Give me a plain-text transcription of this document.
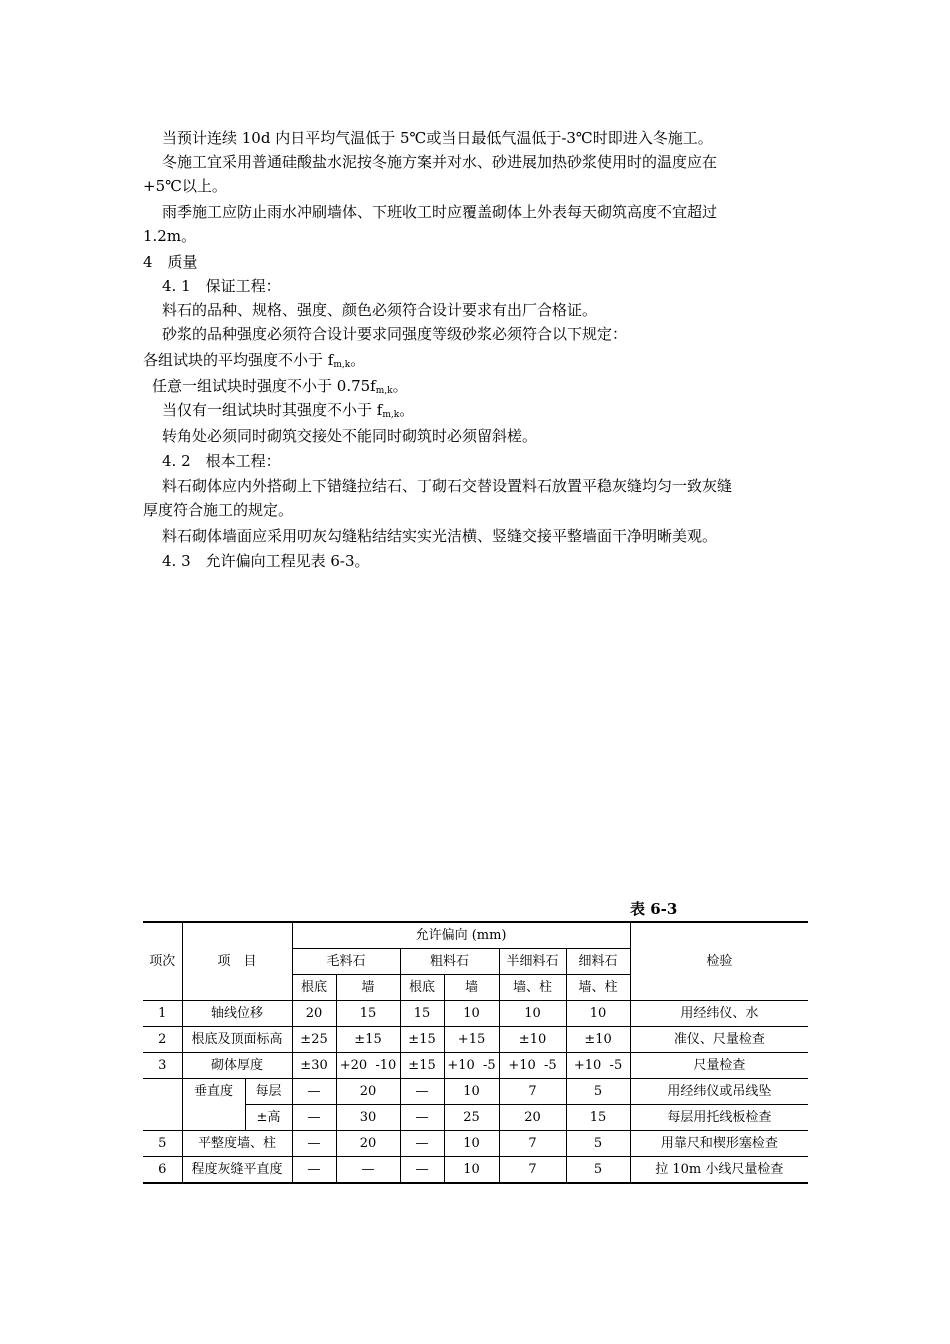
当预计连续 10d 内日平均气温低于 5℃或当日最低气温低于-3℃时即进入冬施工。
冬施工宜采用普通硅酸盐水泥按冬施方案并对水、砂进展加热砂浆使用时的温度应在
+5℃以上。
雨季施工应防止雨水冲刷墙体、下班收工时应覆盖砌体上外表每天砌筑高度不宜超过
1.2m。
4　质量
4. 1　保证工程：
料石的品种、规格、强度、颜色必须符合设计要求有出厂合格证。
砂浆的品种强度必须符合设计要求同强度等级砂浆必须符合以下规定：
各组试块的平均强度不小于 $f_{m,k}$。
任意一组试块时强度不小于 $0.75f_{m,k}$。
当仅有一组试块时其强度不小于 $f_{m,k}$。
转角处必须同时砌筑交接处不能同时砌筑时必须留斜槎。
4. 2　根本工程：
料石砌体应内外搭砌上下错缝拉结石、丁砌石交替设置料石放置平稳灰缝均匀一致灰缝
厚度符合施工的规定。
料石砌体墙面应采用叨灰勾缝粘结结实实光洁横、竖缝交接平整墙面干净明晰美观。
4. 3　允许偏向工程见表 6-3。
表 6-3
项次	项　目		允许偏向 (mm)						检验
			毛料石		粗料石		半细料石	细料石	
			根底	墙	根底	墙	墙、柱	墙、柱	
1	轴线位移		20	15	15	10	10	10	用经纬仪、水
2	根底及顶面标高		±25	±15	±15	+15	±10	±10	准仪、尺量检查
3	砌体厚度		±30	+20  -10	±15	+10  -5	+10  -5	+10  -5	尺量检查
	垂直度	每层	—	20	—	10	7	5	用经纬仪或吊线坠
		±高	—	30	—	25	20	15	每层用托线板检查
5	平整度墙、柱		—	20	—	10	7	5	用靠尺和楔形塞检查
6	程度灰缝平直度		—	—	—	10	7	5	拉 10m 小线尺量检查
